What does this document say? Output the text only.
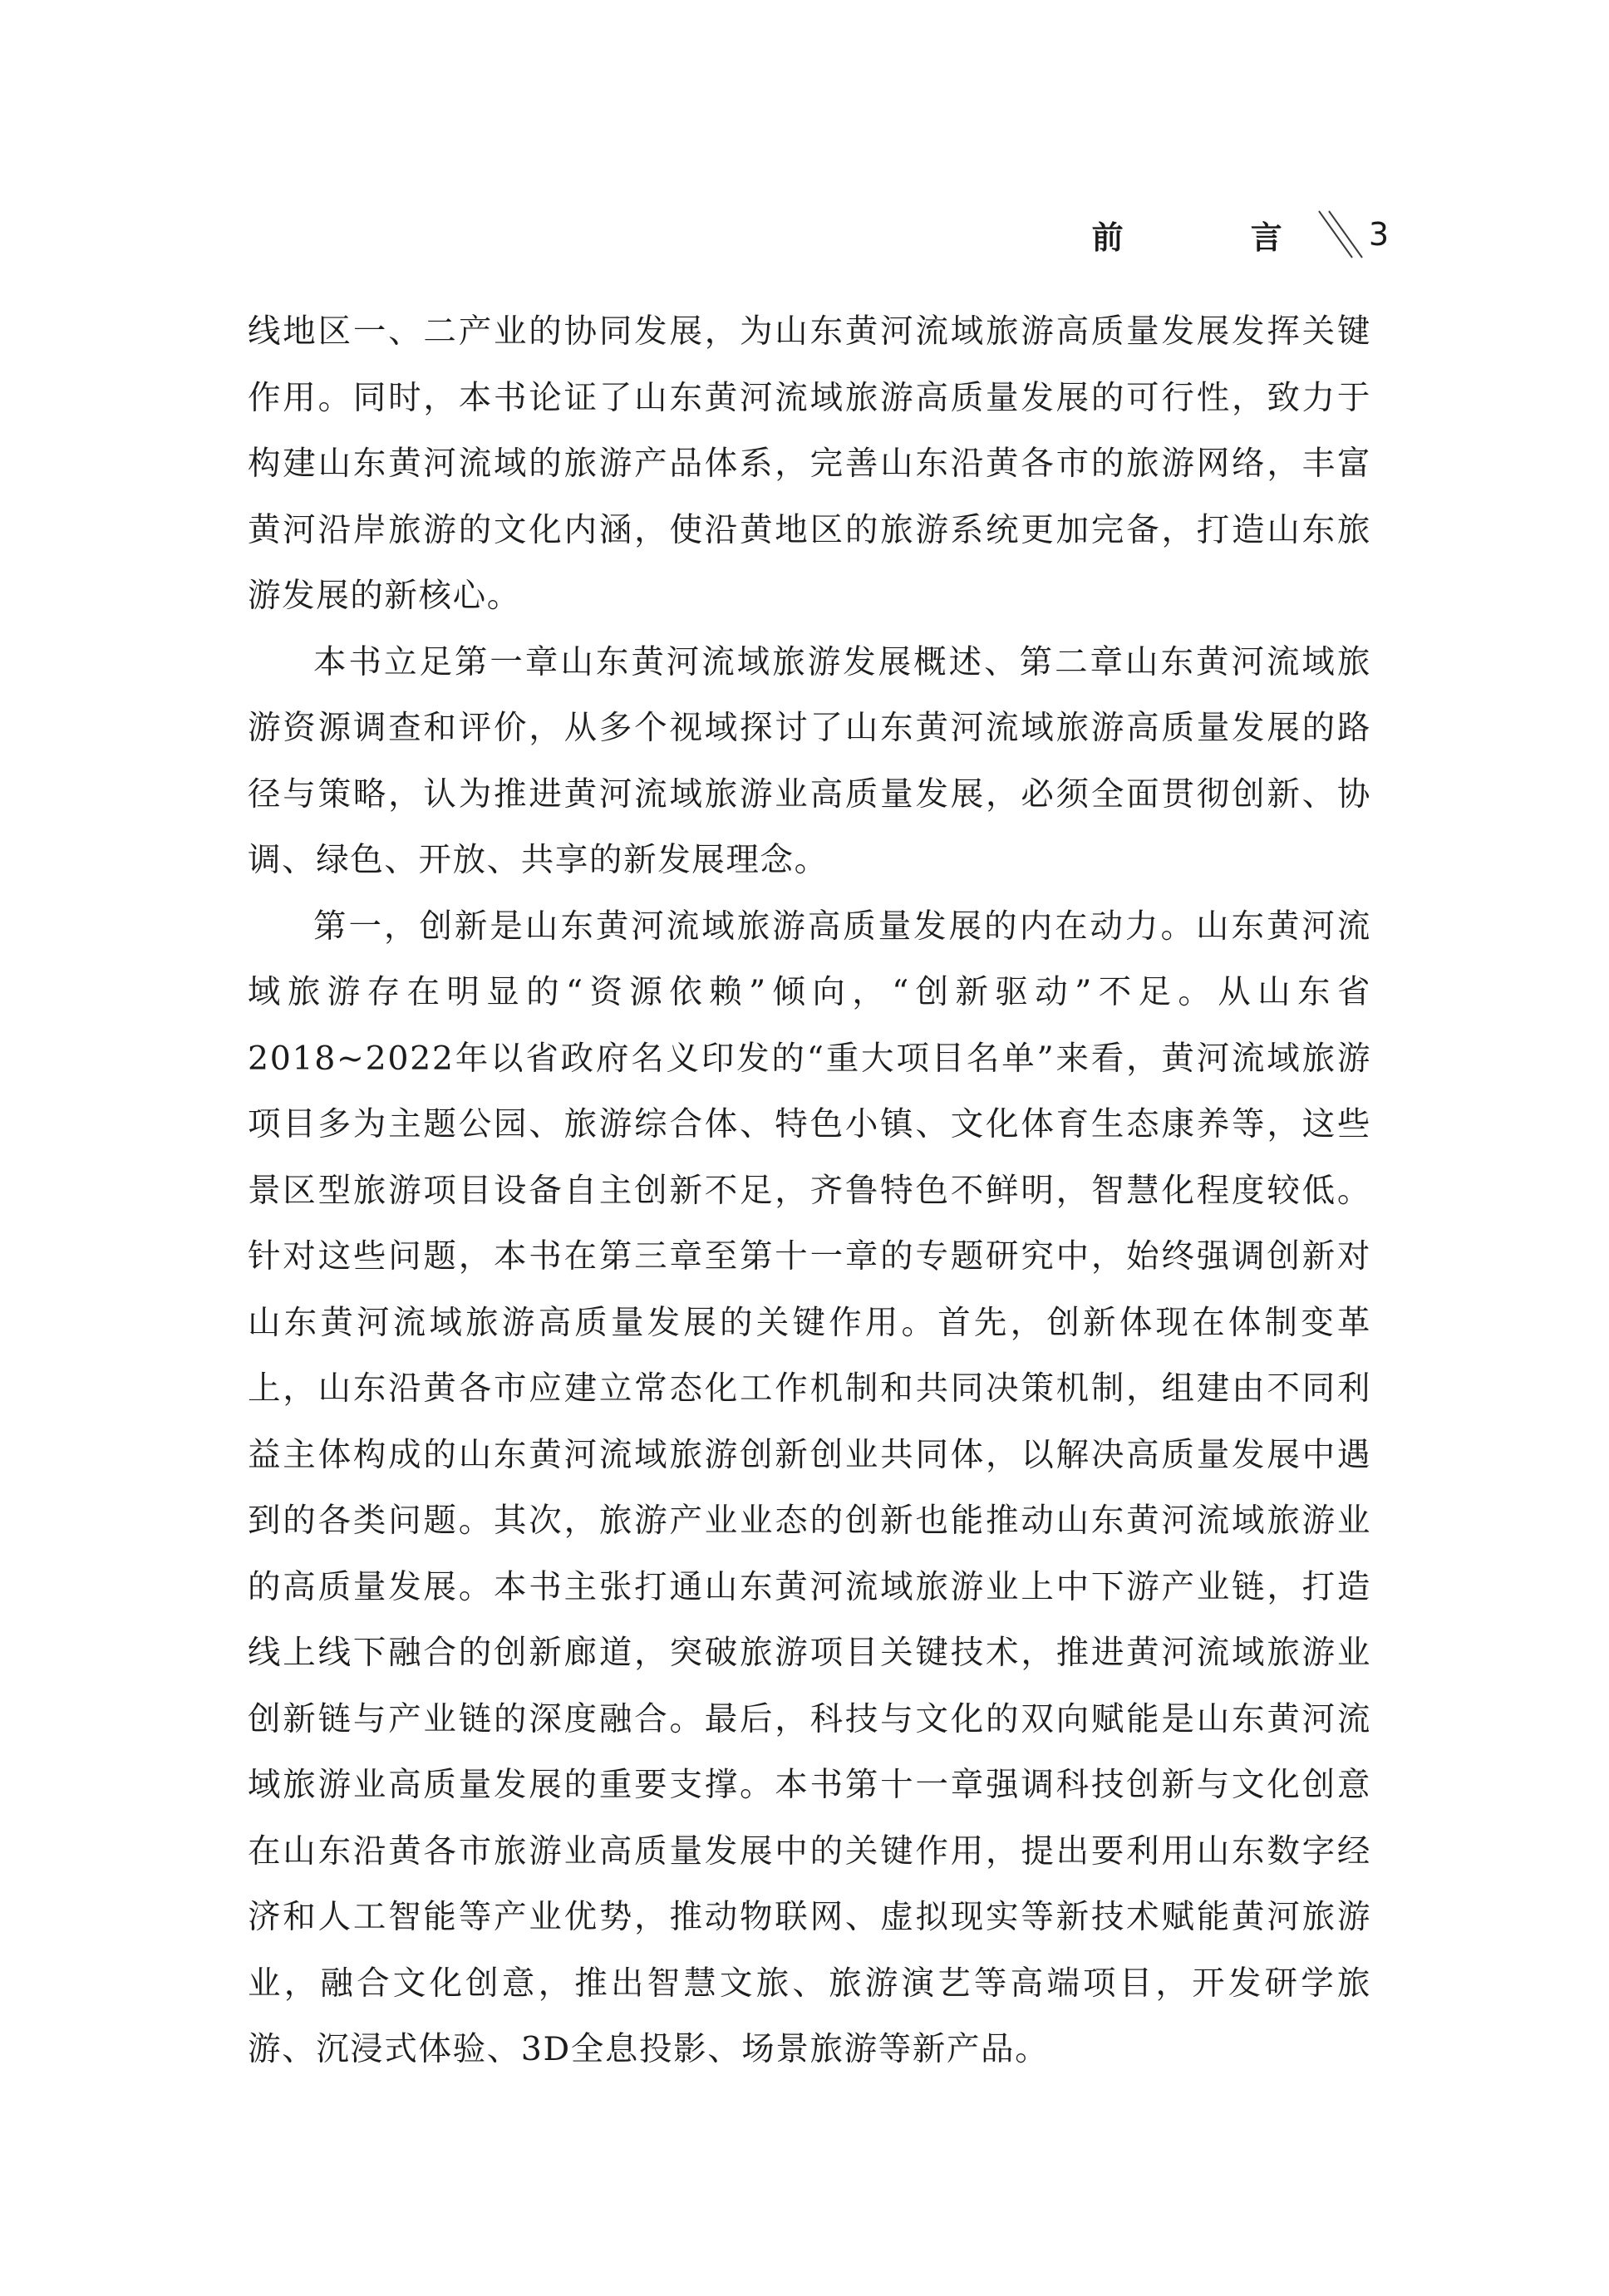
前 言 3

线地区一、二产业的协同发展，为山东黄河流域旅游高质量发展发挥关键作用。同时，本书论证了山东黄河流域旅游高质量发展的可行性，致力于构建山东黄河流域的旅游产品体系，完善山东沿黄各市的旅游网络，丰富黄河沿岸旅游的文化内涵，使沿黄地区的旅游系统更加完备，打造山东旅游发展的新核心。

本书立足第一章山东黄河流域旅游发展概述、第二章山东黄河流域旅游资源调查和评价，从多个视域探讨了山东黄河流域旅游高质量发展的路径与策略，认为推进黄河流域旅游业高质量发展，必须全面贯彻创新、协调、绿色、开放、共享的新发展理念。

第一，创新是山东黄河流域旅游高质量发展的内在动力。山东黄河流域旅游存在明显的“资源依赖”倾向，“创新驱动”不足。从山东省2018~2022年以省政府名义印发的“重大项目名单”来看，黄河流域旅游项目多为主题公园、旅游综合体、特色小镇、文化体育生态康养等，这些景区型旅游项目设备自主创新不足，齐鲁特色不鲜明，智慧化程度较低。针对这些问题，本书在第三章至第十一章的专题研究中，始终强调创新对山东黄河流域旅游高质量发展的关键作用。首先，创新体现在体制变革上，山东沿黄各市应建立常态化工作机制和共同决策机制，组建由不同利益主体构成的山东黄河流域旅游创新创业共同体，以解决高质量发展中遇到的各类问题。其次，旅游产业业态的创新也能推动山东黄河流域旅游业的高质量发展。本书主张打通山东黄河流域旅游业上中下游产业链，打造线上线下融合的创新廊道，突破旅游项目关键技术，推进黄河流域旅游业创新链与产业链的深度融合。最后，科技与文化的双向赋能是山东黄河流域旅游业高质量发展的重要支撑。本书第十一章强调科技创新与文化创意在山东沿黄各市旅游业高质量发展中的关键作用，提出要利用山东数字经济和人工智能等产业优势，推动物联网、虚拟现实等新技术赋能黄河旅游业，融合文化创意，推出智慧文旅、旅游演艺等高端项目，开发研学旅游、沉浸式体验、3D全息投影、场景旅游等新产品。
